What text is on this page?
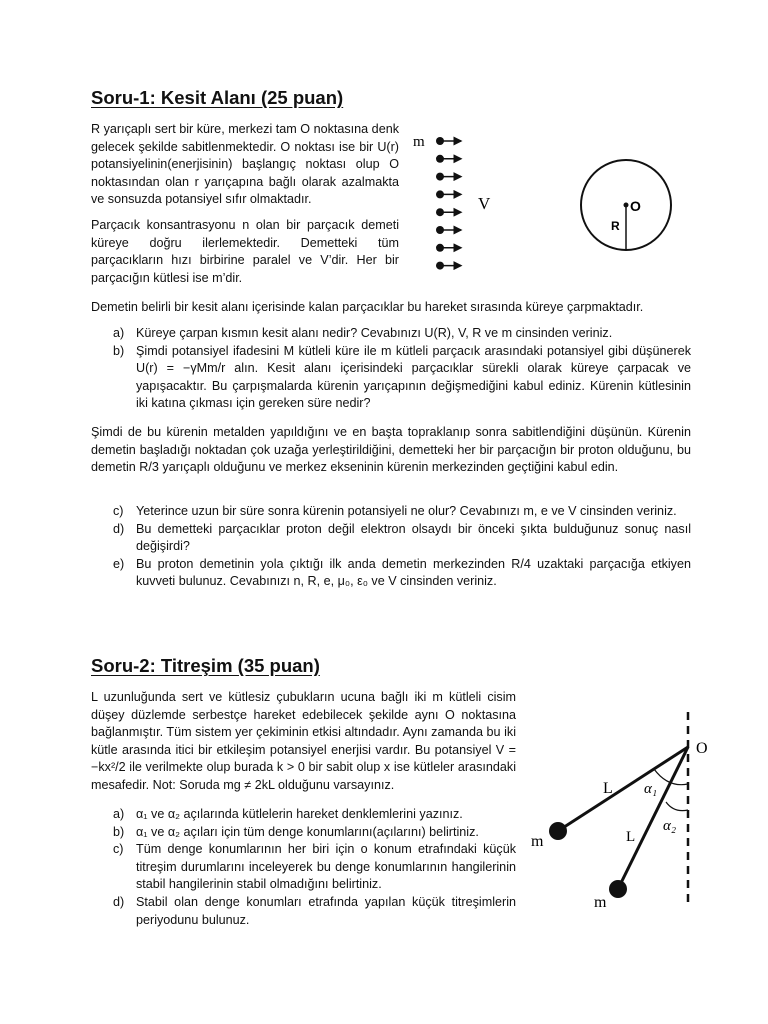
Soru-1: Kesit Alanı (25 puan)
R yarıçaplı sert bir küre, merkezi tam O noktasına denk gelecek şekilde sabitlenmektedir. O noktası ise bir U(r) potansiyelinin(enerjisinin) başlangıç noktası olup O noktasından olan r yarıçapına bağlı olarak azalmakta ve sonsuzda potansiyel sıfır olmaktadır.
Parçacık konsantrasyonu n olan bir parçacık demeti küreye doğru ilerlemektedir. Demetteki tüm parçacıkların hızı birbirine paralel ve V’dir. Her bir parçacığın kütlesi ise m’dir.
m
V	O
R
Demetin belirli bir kesit alanı içerisinde kalan parçacıklar bu hareket sırasında küreye çarpmaktadır.
a) Küreye çarpan kısmın kesit alanı nedir? Cevabınızı U(R), V, R ve m cinsinden veriniz.
b) Şimdi potansiyel ifadesini M kütleli küre ile m kütleli parçacık arasındaki potansiyel gibi düşünerek U(r) = −γMm/r alın. Kesit alanı içerisindeki parçacıklar sürekli olarak küreye çarpacak ve yapışacaktır. Bu çarpışmalarda kürenin yarıçapının değişmediğini kabul ediniz. Kürenin kütlesinin iki katına çıkması için gereken süre nedir?
Şimdi de bu kürenin metalden yapıldığını ve en başta topraklanıp sonra sabitlendiğini düşünün. Kürenin demetin başladığı noktadan çok uzağa yerleştirildiğini, demetteki her bir parçacığın bir proton olduğunu, bu demetin R/3 yarıçaplı olduğunu ve merkez ekseninin kürenin merkezinden geçtiğini kabul edin.
c) Yeterince uzun bir süre sonra kürenin potansiyeli ne olur? Cevabınızı m, e ve V cinsinden veriniz.
d) Bu demetteki parçacıklar proton değil elektron olsaydı bir önceki şıkta bulduğunuz sonuç nasıl değişirdi?
e) Bu proton demetinin yola çıktığı ilk anda demetin merkezinden R/4 uzaktaki parçacığa etkiyen kuvveti bulunuz. Cevabınızı n, R, e, μ₀, ε₀ ve V cinsinden veriniz.
Soru-2: Titreşim (35 puan)
L uzunluğunda sert ve kütlesiz çubukların ucuna bağlı iki m kütleli cisim düşey düzlemde serbestçe hareket edebilecek şekilde aynı O noktasına bağlanmıştır. Tüm sistem yer çekiminin etkisi altındadır. Aynı zamanda bu iki kütle arasında itici bir etkileşim potansiyel enerjisi vardır. Bu potansiyel V = −kx²/2 ile verilmekte olup burada k > 0 bir sabit olup x ise kütleler arasındaki mesafedir. Not: Soruda mg ≠ 2kL olduğunu varsayınız.
a) α₁ ve α₂ açılarında kütlelerin hareket denklemlerini yazınız.
b) α₁ ve α₂ açıları için tüm denge konumlarını(açılarını) belirtiniz.
c) Tüm denge konumlarının her biri için o konum etrafındaki küçük titreşim durumlarını inceleyerek bu denge konumlarının hangilerinin stabil hangilerinin stabil olmadığını belirtiniz.
d) Stabil olan denge konumları etrafında yapılan küçük titreşimlerin periyodunu bulunuz.
O
L
L
α₁
α₂
m
m
